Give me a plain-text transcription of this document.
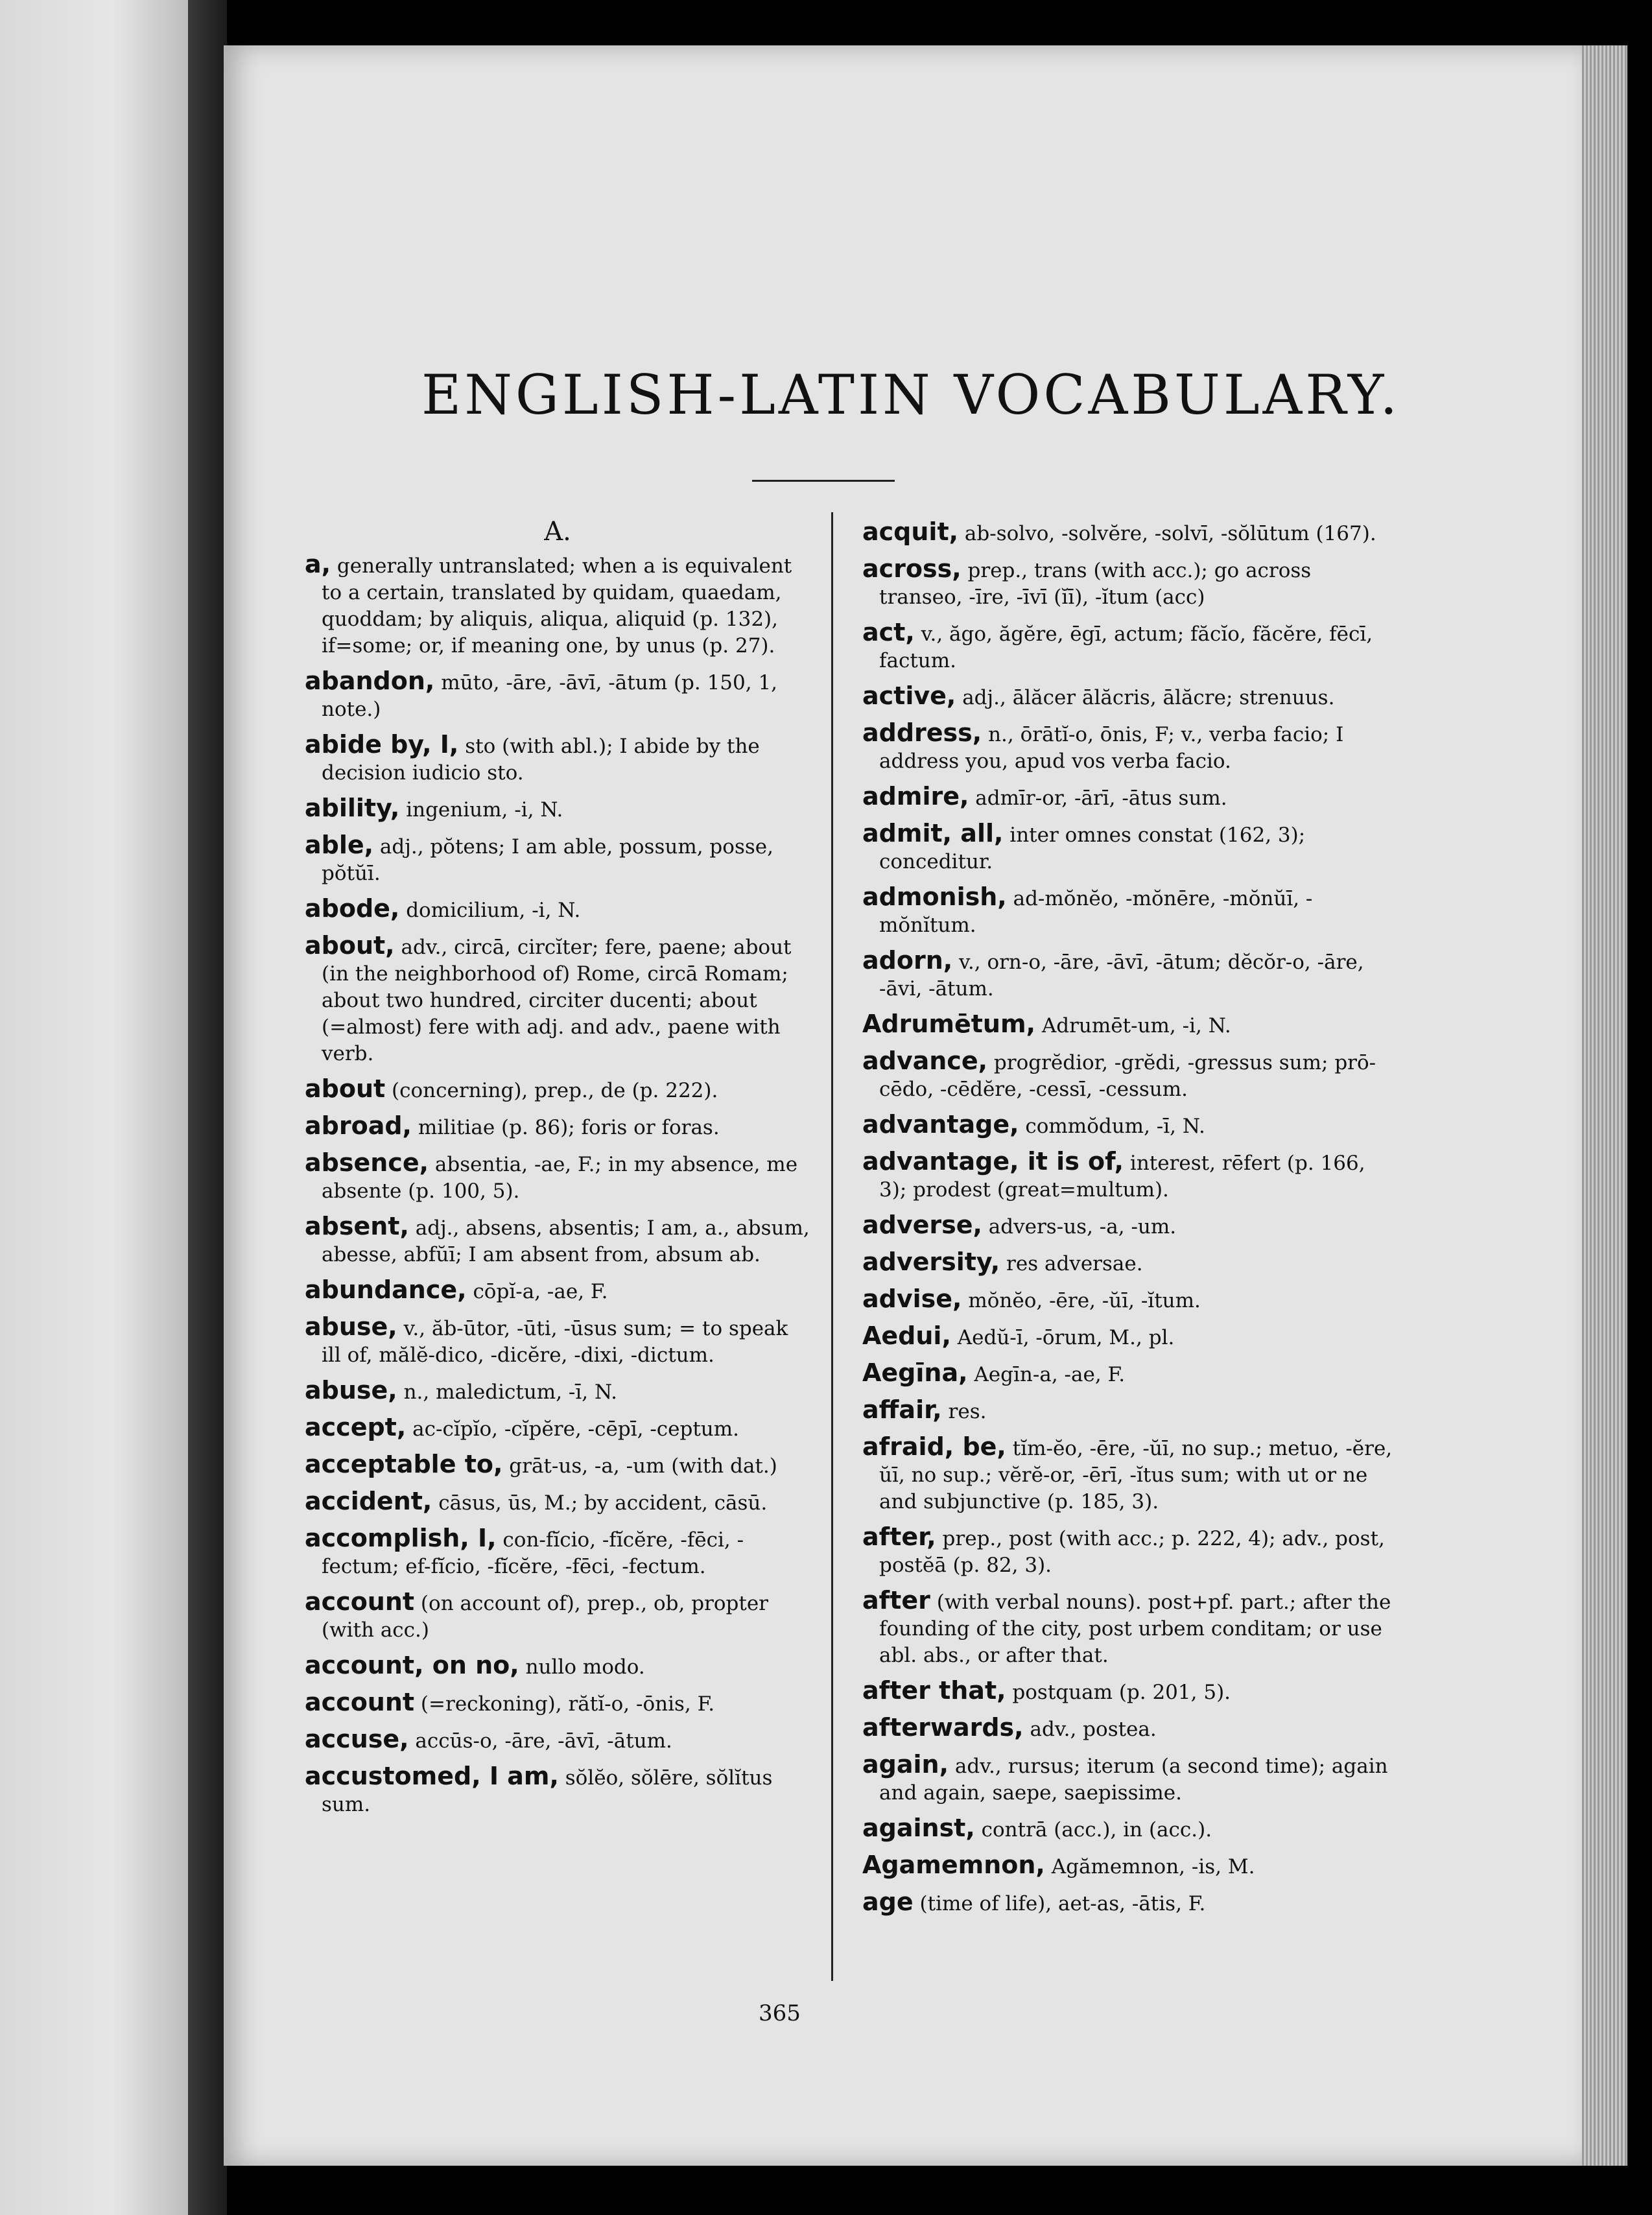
ENGLISH-LATIN VOCABULARY.
A.
a, generally untranslated; when a is equivalent to a certain, translated by quidam, quaedam, quoddam; by aliquis, aliqua, aliquid (p. 132), if=some; or, if meaning one, by unus (p. 27).
abandon, mūto, -āre, -āvī, -ātum (p. 150, 1, note.)
abide by, I, sto (with abl.); I abide by the decision iudicio sto.
ability, ingenium, -i, N.
able, adj., pŏtens; I am able, possum, posse, pŏtŭī.
abode, domicilium, -i, N.
about, adv., circā, circĭter; fere, paene; about (in the neighborhood of) Rome, circā Romam; about two hundred, circiter ducenti; about (=almost) fere with adj. and adv., paene with verb.
about (concerning), prep., de (p. 222).
abroad, militiae (p. 86); foris or foras.
absence, absentia, -ae, F.; in my absence, me absente (p. 100, 5).
absent, adj., absens, absentis; I am, a., absum, abesse, abfŭī; I am absent from, absum ab.
abundance, cōpĭ-a, -ae, F.
abuse, v., ăb-ūtor, -ūti, -ūsus sum; = to speak ill of, mălĕ-dico, -dicĕre, -dixi, -dictum.
abuse, n., maledictum, -ī, N.
accept, ac-cĭpĭo, -cĭpĕre, -cēpī, -ceptum.
acceptable to, grāt-us, -a, -um (with dat.)
accident, cāsus, ūs, M.; by accident, cāsū.
accomplish, I, con-fĭcio, -fĭcĕre, -fēci, -fectum; ef-fĭcio, -fĭcĕre, -fēci, -fectum.
account (on account of), prep., ob, propter (with acc.)
account, on no, nullo modo.
account (=reckoning), rătĭ-o, -ōnis, F.
accuse, accūs-o, -āre, -āvī, -ātum.
accustomed, I am, sŏlĕo, sŏlēre, sŏlĭtus sum.
acquit, ab-solvo, -solvĕre, -solvī, -sŏlūtum (167).
across, prep., trans (with acc.); go across transeo, -īre, -īvī (ĭī), -ĭtum (acc)
act, v., ăgo, ăgĕre, ēgī, actum; făcĭo, făcĕre, fēcī, factum.
active, adj., ālăcer ālăcris, ālăcre; strenuus.
address, n., ōrātĭ-o, ōnis, F; v., verba facio; I address you, apud vos verba facio.
admire, admīr-or, -ārī, -ātus sum.
admit, all, inter omnes constat (162, 3); conceditur.
admonish, ad-mŏnĕo, -mŏnēre, -mŏnŭī, -mŏnĭtum.
adorn, v., orn-o, -āre, -āvī, -ātum; dĕcŏr-o, -āre, -āvi, -ātum.
Adrumētum, Adrumēt-um, -i, N.
advance, progrĕdior, -grĕdi, -gressus sum; prō-cēdo, -cēdĕre, -cessī, -cessum.
advantage, commŏdum, -ī, N.
advantage, it is of, interest, rēfert (p. 166, 3); prodest (great=multum).
adverse, advers-us, -a, -um.
adversity, res adversae.
advise, mŏnĕo, -ēre, -ŭī, -ĭtum.
Aedui, Aedŭ-ī, -ōrum, M., pl.
Aegīna, Aegīn-a, -ae, F.
affair, res.
afraid, be, tĭm-ĕo, -ēre, -ŭī, no sup.; metuo, -ĕre, ŭī, no sup.; vĕrĕ-or, -ērī, -ĭtus sum; with ut or ne and subjunctive (p. 185, 3).
after, prep., post (with acc.; p. 222, 4); adv., post, postĕā (p. 82, 3).
after (with verbal nouns). post+pf. part.; after the founding of the city, post urbem conditam; or use abl. abs., or after that.
after that, postquam (p. 201, 5).
afterwards, adv., postea.
again, adv., rursus; iterum (a second time); again and again, saepe, saepissime.
against, contrā (acc.), in (acc.).
Agamemnon, Agămemnon, -is, M.
age (time of life), aet-as, -ātis, F.
365
